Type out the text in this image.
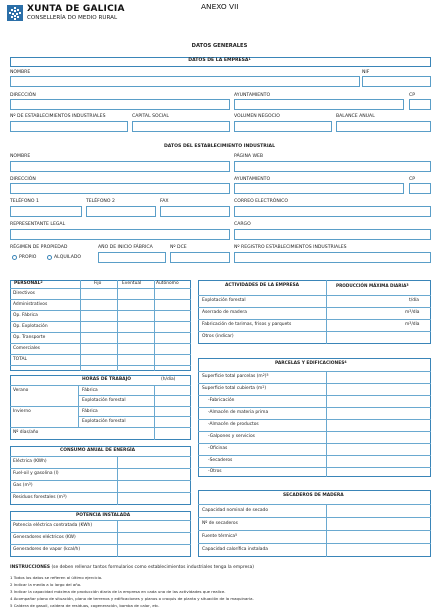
XUNTA DE GALICIA
CONSELLERÍA DO MEDIO RURAL
ANEXO VII
DATOS GENERALES
DATOS DE LA EMPRESA$^1$
NOMBRE	NIF
DIRECCIÓN	AYUNTAMIENTO	CP
Nº DE ESTABLECIMIENTOS INDUSTRIALES	CAPITAL SOCIAL	VOLUMEN NEGOCIO	BALANCE ANUAL
DATOS DEL ESTABLECIMIENTO INDUSTRIAL
NOMBRE	PÁGINA WEB
DIRECCIÓN	AYUNTAMIENTO	CP
TELÉFONO 1	TELÉFONO 2	FAX	CORREO ELECTRÓNICO
REPRESENTANTE LEGAL	CARGO
RÉGIMEN DE PROPIEDAD
PROPIO	ALQUILADO
AÑO DE INICIO FÁBRICA	Nº DCE	Nº REGISTRO ESTABLECIMIENTOS INDUSTRIALES
PERSONAL$^2$	Fijo	Eventual	Autónomo
Directivos
Administrativos
Op. Fábrica
Op. Explotación
Op. Transporte
Comerciales
TOTAL
ACTIVIDADES DE LA EMPRESA	PRODUCCIÓN MÁXIMA DIARIA$^3$
Explotación forestal	t/día
Aserrado de madera	$m^3$/día
Fabricación de tarimas, frisos y parquets	$m^3$/día
Otros (indicar)
HORAS DE TRABAJO	(h/día)
Verano	Fábrica
Explotación forestal
Invierno	Fábrica
Explotación forestal
Nº días/año
CONSUMO ANUAL DE ENERGÍA
Eléctrica (KWh)
Fuel-oil y gasolina (l)
Gas $(m^3)$
Residuos forestales $(m^3)$
POTENCIA INSTALADA
Potencia eléctrica contratada (KWh)
Generadores eléctricos (KW)
Generadores de vapor (kcal/h)
PARCELAS Y EDIFICACIONES$^4$
Superficie total parcelas $(m^2)^5$
Superficie total cubierta $(m^2)$
-Fabricación
-Almacén de materia prima
-Almacén de productos
-Galpones y servicios
-Oficinas
-Secaderos
-Otros
SECADEROS DE MADERA
Capacidad nominal de secado
Nº de secaderos
Fuente térmica$^5$
Capacidad calorífica instalada
INSTRUCCIONES (se deben rellenar tantos formularios como establecimientos industriales tenga la empresa)
1 Todos los datos se refieren al último ejercicio.
2 Indicar la media a lo largo del año.
3 Indicar la capacidad máxima de producción diaria de la empresa en cada una de las actividades que realice.
4 Acompañar plano de situación, plano de terrenos y edificaciones y planos o croquis de planta y situación de la maquinaria.
5 Caldera de gasoil, caldera de residuos, cogeneración, bomba de calor, etc.
